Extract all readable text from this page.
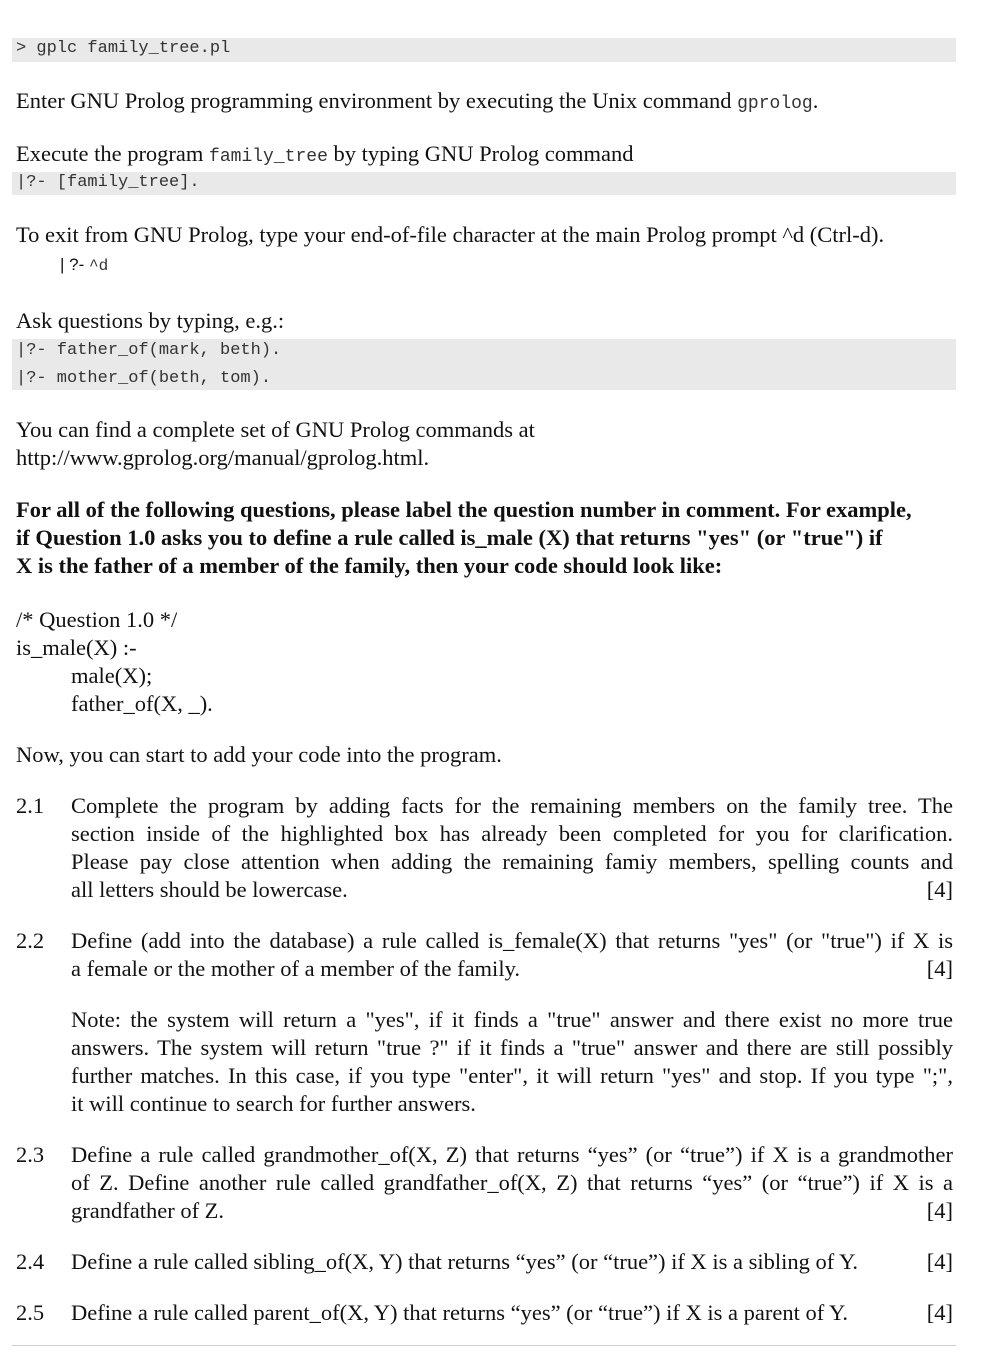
> gplc family_tree.pl
Enter GNU Prolog programming environment by executing the Unix command gprolog.
Execute the program family_tree by typing GNU Prolog command
|?- [family_tree].
To exit from GNU Prolog, type your end-of-file character at the main Prolog prompt ^d (Ctrl-d).
| ?- ^d
Ask questions by typing, e.g.:
|?- father_of(mark, beth).
|?- mother_of(beth, tom).
You can find a complete set of GNU Prolog commands at
http://www.gprolog.org/manual/gprolog.html.
For all of the following questions, please label the question number in comment. For example,
if Question 1.0 asks you to define a rule called is_male (X) that returns "yes" (or "true") if
X is the father of a member of the family, then your code should look like:
/* Question 1.0 */
is_male(X) :-
male(X);
father_of(X, _).
Now, you can start to add your code into the program.
2.1 Complete the program by adding facts for the remaining members on the family tree. The
section inside of the highlighted box has already been completed for you for clarification.
Please pay close attention when adding the remaining famiy members, spelling counts and
[4]
all letters should be lowercase.
2.2 Define (add into the database) a rule called is_female(X) that returns "yes" (or "true") if X is
[4]
a female or the mother of a member of the family.
Note: the system will return a "yes", if it finds a "true" answer and there exist no more true
answers. The system will return "true ?" if it finds a "true" answer and there are still possibly
further matches. In this case, if you type "enter", it will return "yes" and stop. If you type ";",
it will continue to search for further answers.
2.3 Define a rule called grandmother_of(X, Z) that returns “yes” (or “true”) if X is a grandmother
of Z. Define another rule called grandfather_of(X, Z) that returns “yes” (or “true”) if X is a
[4]
grandfather of Z.
2.4	[4]
Define a rule called sibling_of(X, Y) that returns “yes” (or “true”) if X is a sibling of Y.
2.5	[4]
Define a rule called parent_of(X, Y) that returns “yes” (or “true”) if X is a parent of Y.
